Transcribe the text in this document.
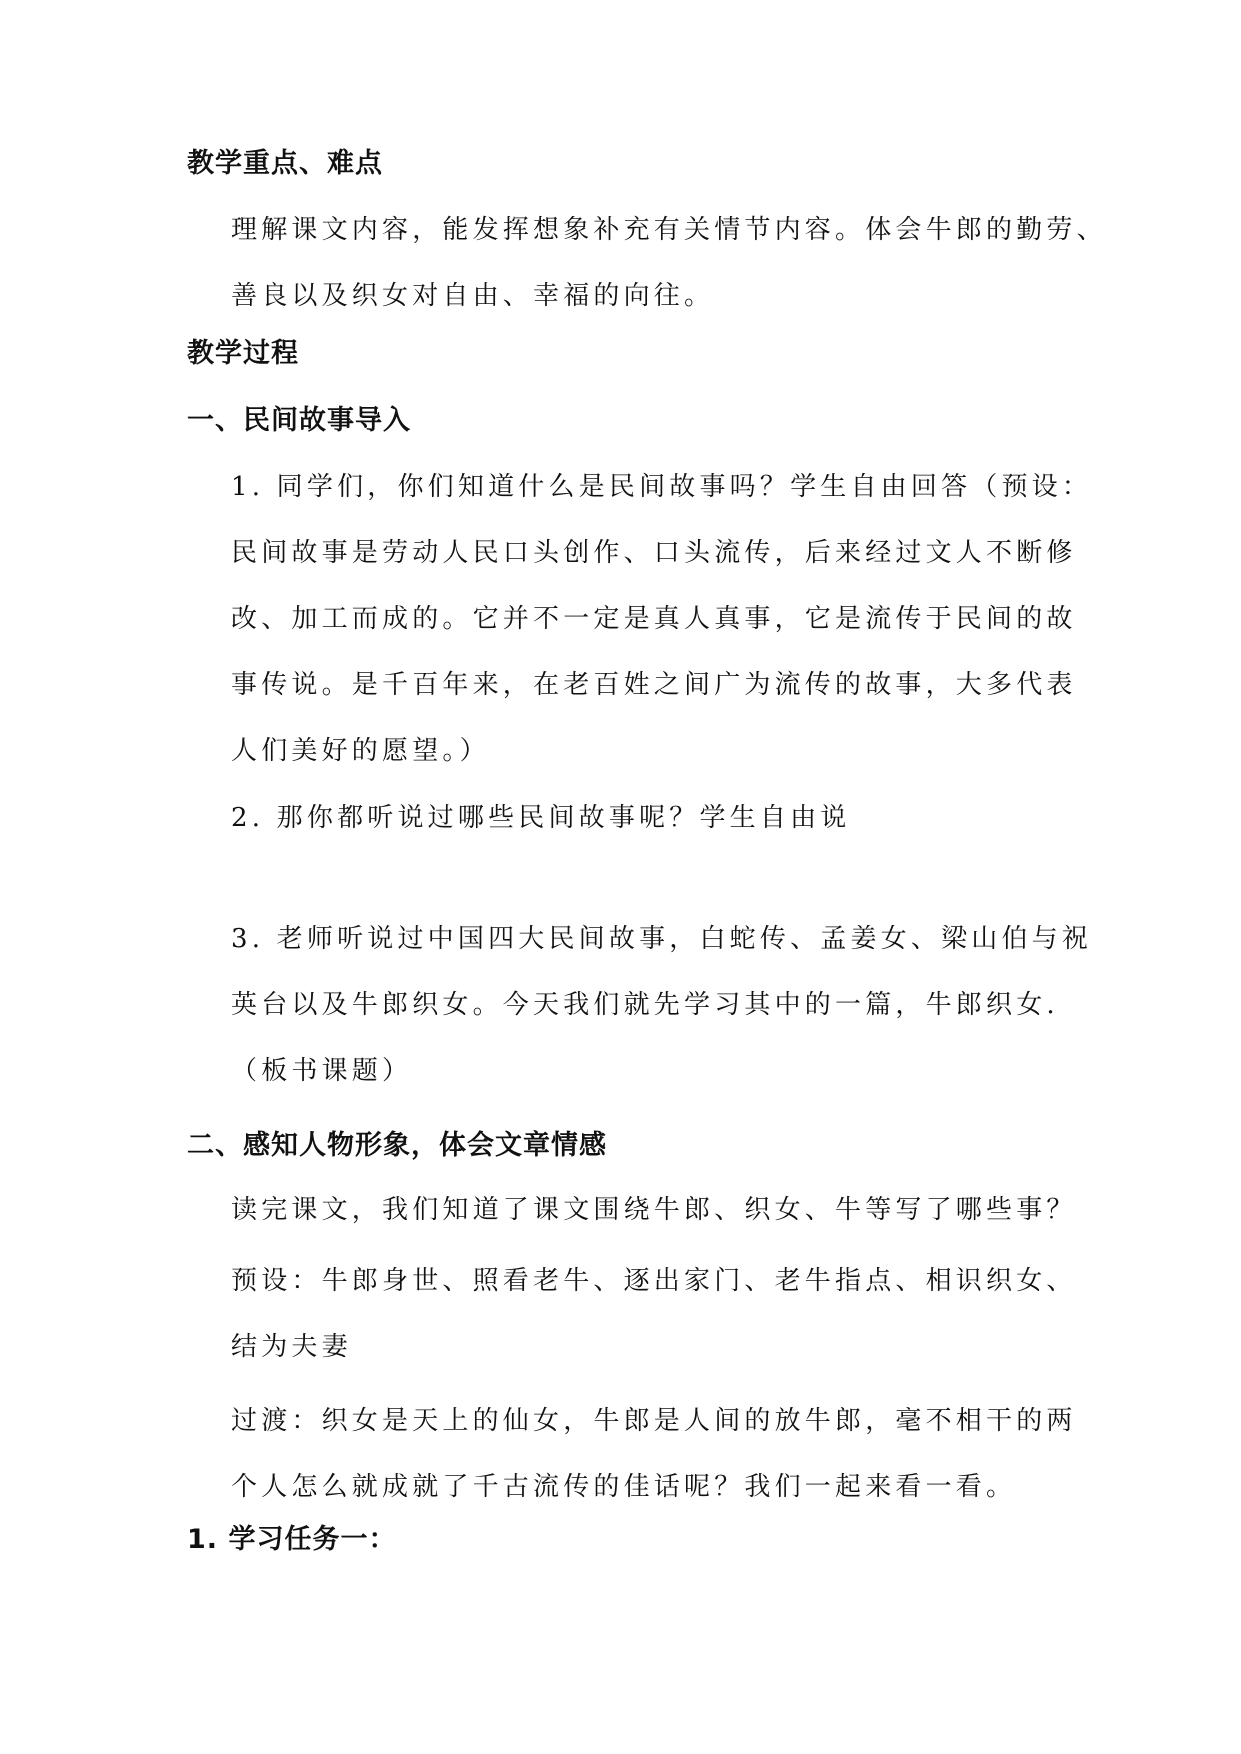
教学重点、难点
理解课文内容，能发挥想象补充有关情节内容。体会牛郎的勤劳、
善良以及织女对自由、幸福的向往。
教学过程
一、民间故事导入
1. 同学们，你们知道什么是民间故事吗？学生自由回答（预设：
民间故事是劳动人民口头创作、口头流传，后来经过文人不断修
改、加工而成的。它并不一定是真人真事，它是流传于民间的故
事传说。是千百年来，在老百姓之间广为流传的故事，大多代表
人们美好的愿望。）
2. 那你都听说过哪些民间故事呢？学生自由说
3. 老师听说过中国四大民间故事，白蛇传、孟姜女、梁山伯与祝
英台以及牛郎织女。今天我们就先学习其中的一篇，牛郎织女.
（板书课题）
二、感知人物形象，体会文章情感
读完课文，我们知道了课文围绕牛郎、织女、牛等写了哪些事？
预设：牛郎身世、照看老牛、逐出家门、老牛指点、相识织女、
结为夫妻
过渡：织女是天上的仙女，牛郎是人间的放牛郎，毫不相干的两
个人怎么就成就了千古流传的佳话呢？我们一起来看一看。
1. 学习任务一：
